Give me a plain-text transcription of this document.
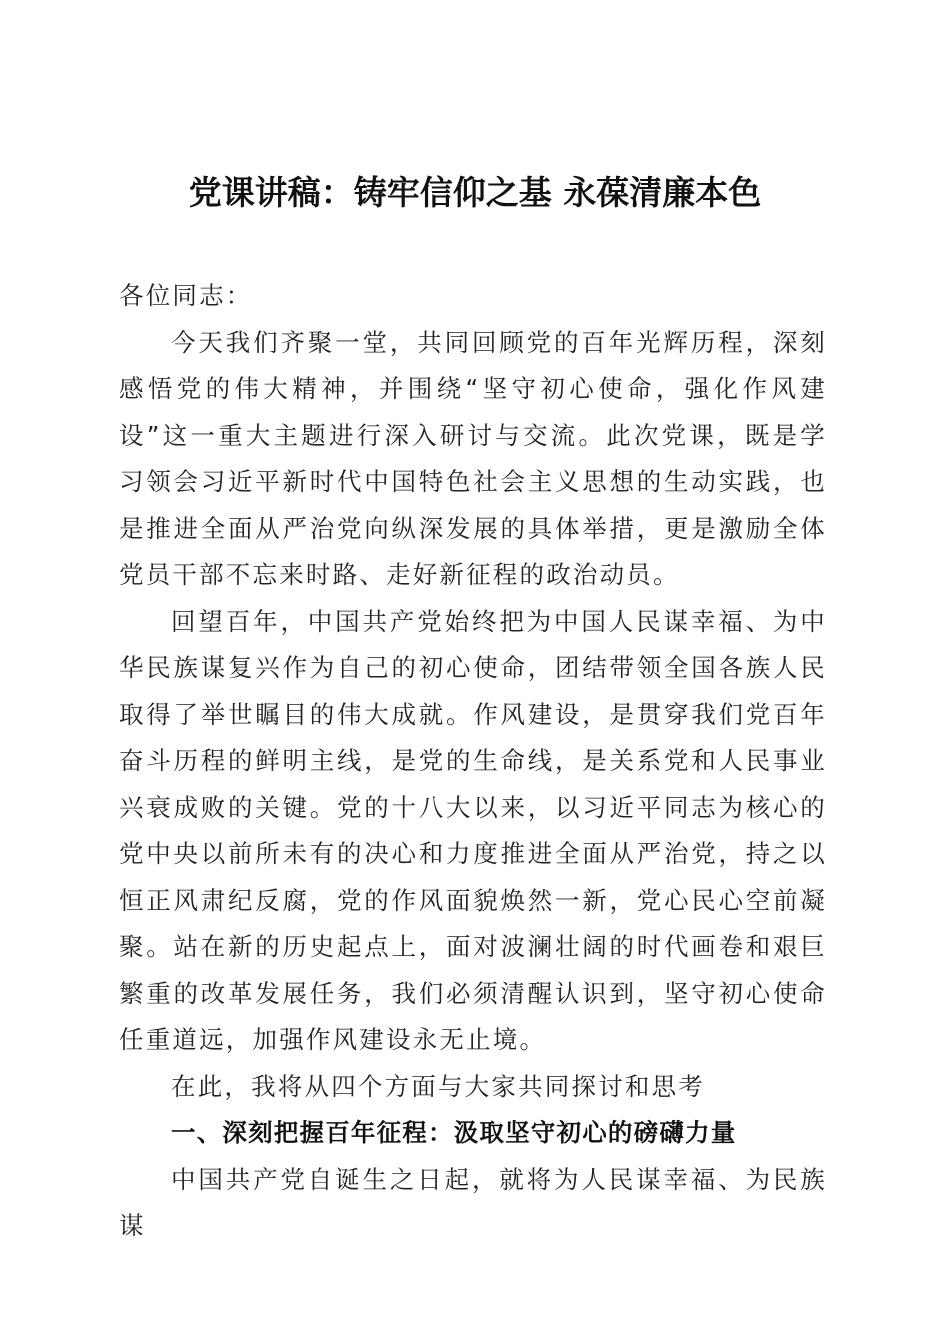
党课讲稿：铸牢信仰之基 永葆清廉本色

各位同志：

今天我们齐聚一堂，共同回顾党的百年光辉历程，深刻感悟党的伟大精神，并围绕“坚守初心使命，强化作风建设”这一重大主题进行深入研讨与交流。此次党课，既是学习领会习近平新时代中国特色社会主义思想的生动实践，也是推进全面从严治党向纵深发展的具体举措，更是激励全体党员干部不忘来时路、走好新征程的政治动员。

回望百年，中国共产党始终把为中国人民谋幸福、为中华民族谋复兴作为自己的初心使命，团结带领全国各族人民取得了举世瞩目的伟大成就。作风建设，是贯穿我们党百年奋斗历程的鲜明主线，是党的生命线，是关系党和人民事业兴衰成败的关键。党的十八大以来，以习近平同志为核心的党中央以前所未有的决心和力度推进全面从严治党，持之以恒正风肃纪反腐，党的作风面貌焕然一新，党心民心空前凝聚。站在新的历史起点上，面对波澜壮阔的时代画卷和艰巨繁重的改革发展任务，我们必须清醒认识到，坚守初心使命任重道远，加强作风建设永无止境。

在此，我将从四个方面与大家共同探讨和思考

一、深刻把握百年征程：汲取坚守初心的磅礴力量

中国共产党自诞生之日起，就将为人民谋幸福、为民族谋
